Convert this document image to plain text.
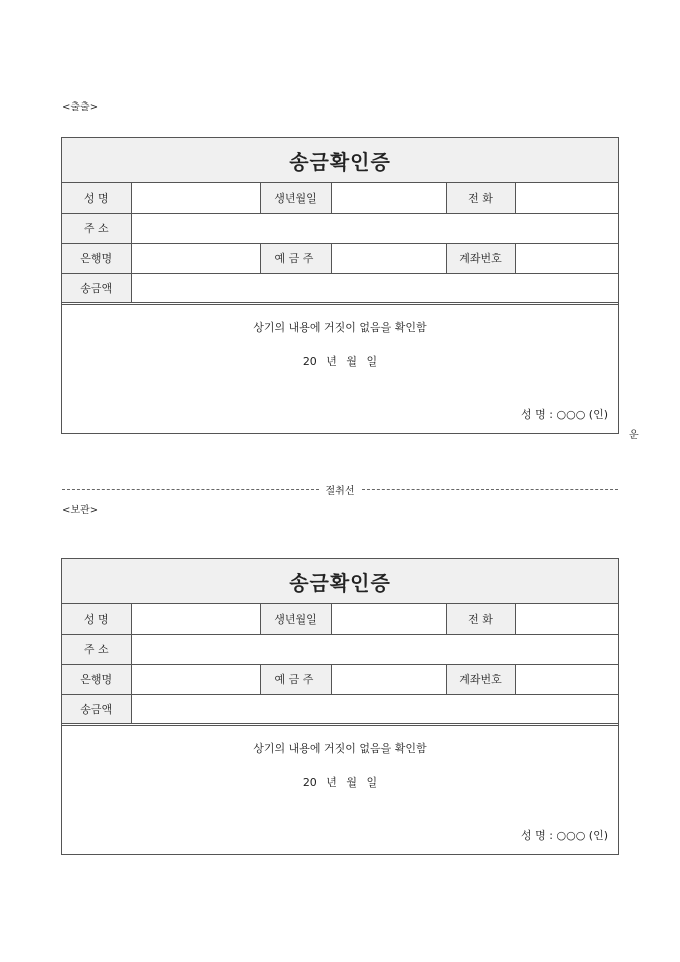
<출출>
송금확인증
성 명		생년월일		전 화	
주 소					
은행명		예 금 주		계좌번호	
송금액					
상기의 내용에 거짓이 없음을 확인함
20 년 월 일
성 명 : ○○○ (인)
운
절취선
<보관>
송금확인증
성 명		생년월일		전 화	
주 소					
은행명		예 금 주		계좌번호	
송금액					
상기의 내용에 거짓이 없음을 확인함
20 년 월 일
성 명 : ○○○ (인)
